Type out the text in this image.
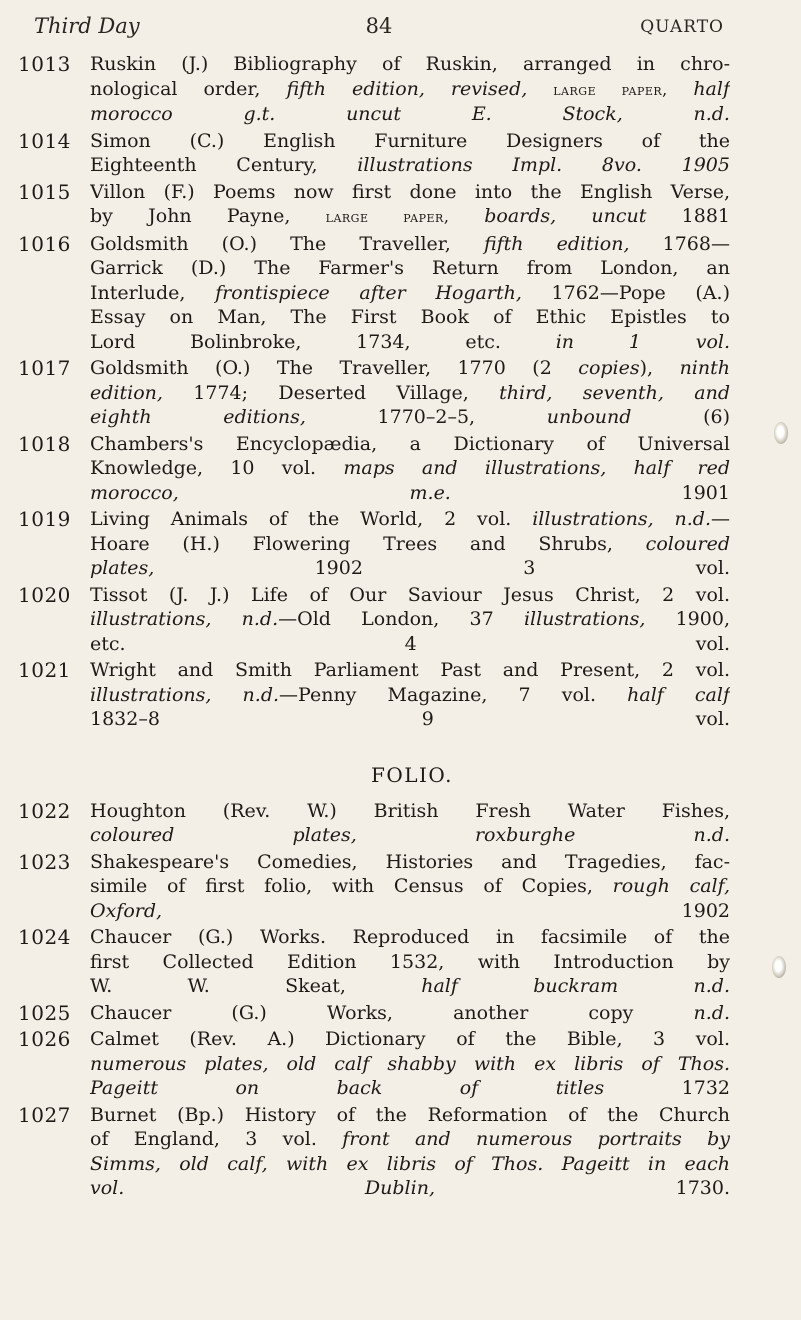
Third Day	84	QUARTO
1013	Ruskin (J.) Bibliography of Ruskin, arranged in chro-
nological order, fifth edition, revised, large paper, half
morocco g.t. uncut	E. Stock, n.d.
1014	Simon (C.) English Furniture Designers of the
Eighteenth Century, illustrations Impl. 8vo. 1905
1015	Villon (F.) Poems now first done into the English Verse,
by John Payne, large paper, boards, uncut 1881
1016	Goldsmith (O.) The Traveller, fifth edition, 1768—
Garrick (D.) The Farmer's Return from London, an
Interlude, frontispiece after Hogarth, 1762—Pope (A.)
Essay on Man, The First Book of Ethic Epistles to
Lord Bolinbroke, 1734, etc. in 1 vol.
1017	Goldsmith (O.) The Traveller, 1770 (2 copies), ninth
edition, 1774; Deserted Village, third, seventh, and
eighth editions, 1770–2–5, unbound (6)
1018	Chambers's Encyclopædia, a Dictionary of Universal
Knowledge, 10 vol. maps and illustrations, half red
morocco, m.e. 1901
1019	Living Animals of the World, 2 vol. illustrations, n.d.—
Hoare (H.) Flowering Trees and Shrubs, coloured
plates, 1902 3 vol.
1020	Tissot (J. J.) Life of Our Saviour Jesus Christ, 2 vol.
illustrations, n.d.—Old London, 37 illustrations, 1900,
etc. 4 vol.
1021	Wright and Smith Parliament Past and Present, 2 vol.
illustrations, n.d.—Penny Magazine, 7 vol. half calf
1832–8 9 vol.
FOLIO.
1022	Houghton (Rev. W.) British Fresh Water Fishes,
coloured plates, roxburghe	n.d.
1023	Shakespeare's Comedies, Histories and Tragedies, fac-
simile of first folio, with Census of Copies, rough calf,
Oxford, 1902
1024	Chaucer (G.) Works. Reproduced in facsimile of the
first Collected Edition 1532, with Introduction by
W. W. Skeat, half buckram	n.d.
1025	Chaucer (G.) Works, another copy	n.d.
1026	Calmet (Rev. A.) Dictionary of the Bible, 3 vol.
numerous plates, old calf shabby with ex libris of Thos.
Pageitt on back of titles 1732
1027	Burnet (Bp.) History of the Reformation of the Church
of England, 3 vol. front and numerous portraits by
Simms, old calf, with ex libris of Thos. Pageitt in each
vol.	Dublin, 1730.
